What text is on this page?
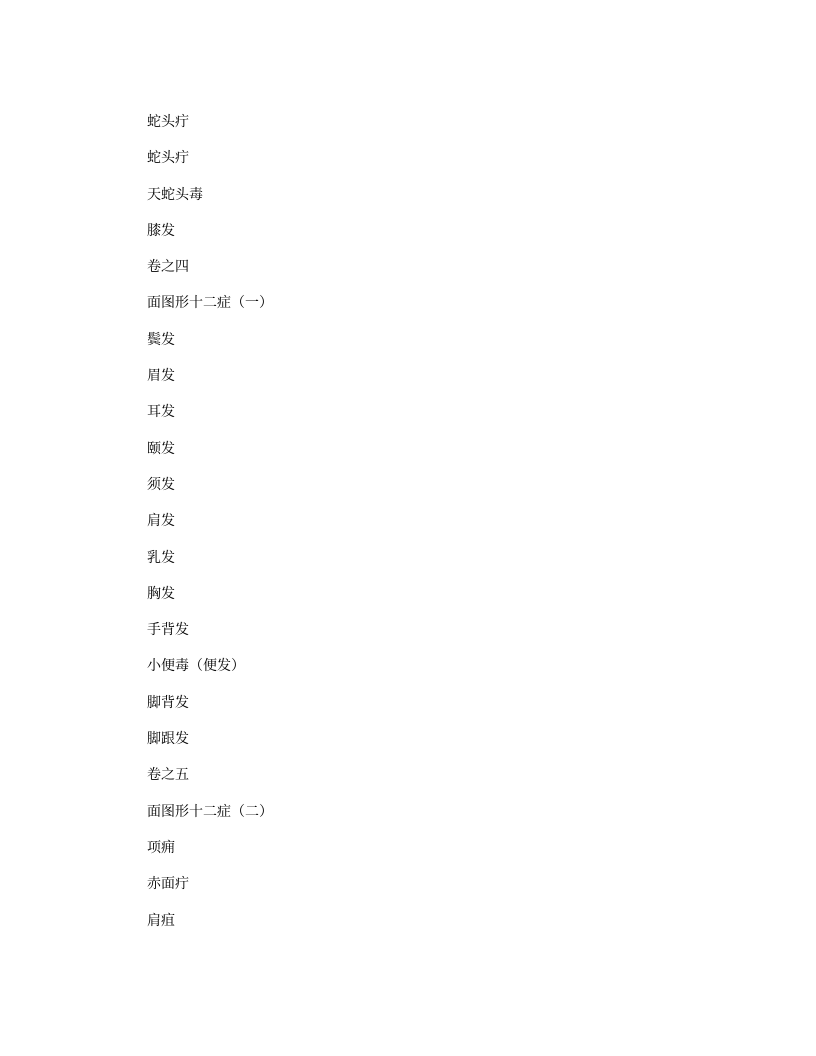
蛇头疔
蛇头疔
天蛇头毒
膝发
卷之四
面图形十二症（一）
鬓发
眉发
耳发
颐发
须发
肩发
乳发
胸发
手背发
小便毒（便发）
脚背发
脚跟发
卷之五
面图形十二症（二）
项痈
赤面疔
肩疽
